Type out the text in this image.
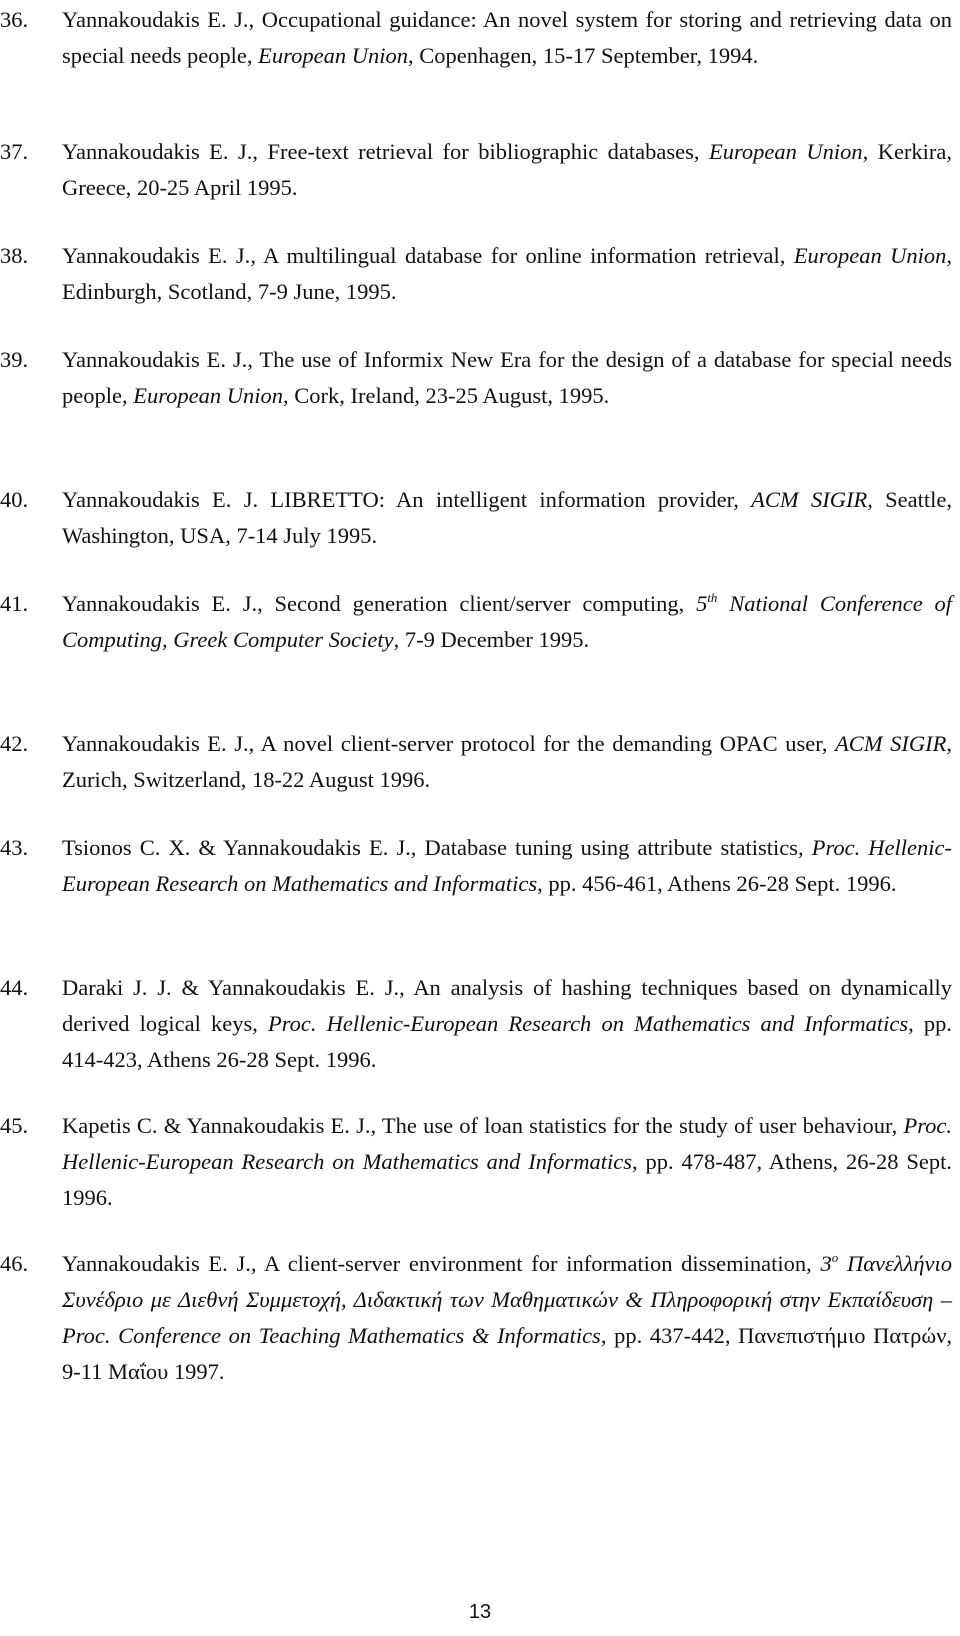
36.	Yannakoudakis E. J., Occupational guidance: An novel system for storing and retrieving data on special needs people, European Union, Copenhagen, 15-17 September, 1994.
37.	Yannakoudakis E. J., Free-text retrieval for bibliographic databases, European Union, Kerkira, Greece, 20-25 April 1995.
38.	Yannakoudakis E. J., A multilingual database for online information retrieval, European Union, Edinburgh, Scotland, 7-9 June, 1995.
39.	Yannakoudakis E. J., The use of Informix New Era for the design of a database for special needs people, European Union, Cork, Ireland, 23-25 August, 1995.
40.	Yannakoudakis E. J. LIBRETTO: An intelligent information provider, ACM SIGIR, Seattle, Washington, USA, 7-14 July 1995.
41.	Yannakoudakis E. J., Second generation client/server computing, 5th National Conference of Computing, Greek Computer Society, 7-9 December 1995.
42.	Yannakoudakis E. J., A novel client-server protocol for the demanding OPAC user, ACM SIGIR, Zurich, Switzerland, 18-22 August 1996.
43.	Tsionos C. X. & Yannakoudakis E. J., Database tuning using attribute statistics, Proc. Hellenic-European Research on Mathematics and Informatics, pp. 456-461, Athens 26-28 Sept. 1996.
44.	Daraki J. J. & Yannakoudakis E. J., An analysis of hashing techniques based on dynamically derived logical keys, Proc. Hellenic-European Research on Mathematics and Informatics, pp. 414-423, Athens 26-28 Sept. 1996.
45.	Kapetis C. & Yannakoudakis E. J., The use of loan statistics for the study of user behaviour, Proc. Hellenic-European Research on Mathematics and Informatics, pp. 478-487, Athens, 26-28 Sept. 1996.
46.	Yannakoudakis E. J., A client-server environment for information dissemination, $3^o$ Πανελλήνιο Συνέδριο με Διεθνή Συμμετοχή, Διδακτική των Μαθηματικών & Πληροφορική στην Εκπαίδευση – Proc. Conference on Teaching Mathematics & Informatics, pp. 437-442, Πανεπιστήμιο Πατρών, 9-11 Μαΐου 1997.
13
